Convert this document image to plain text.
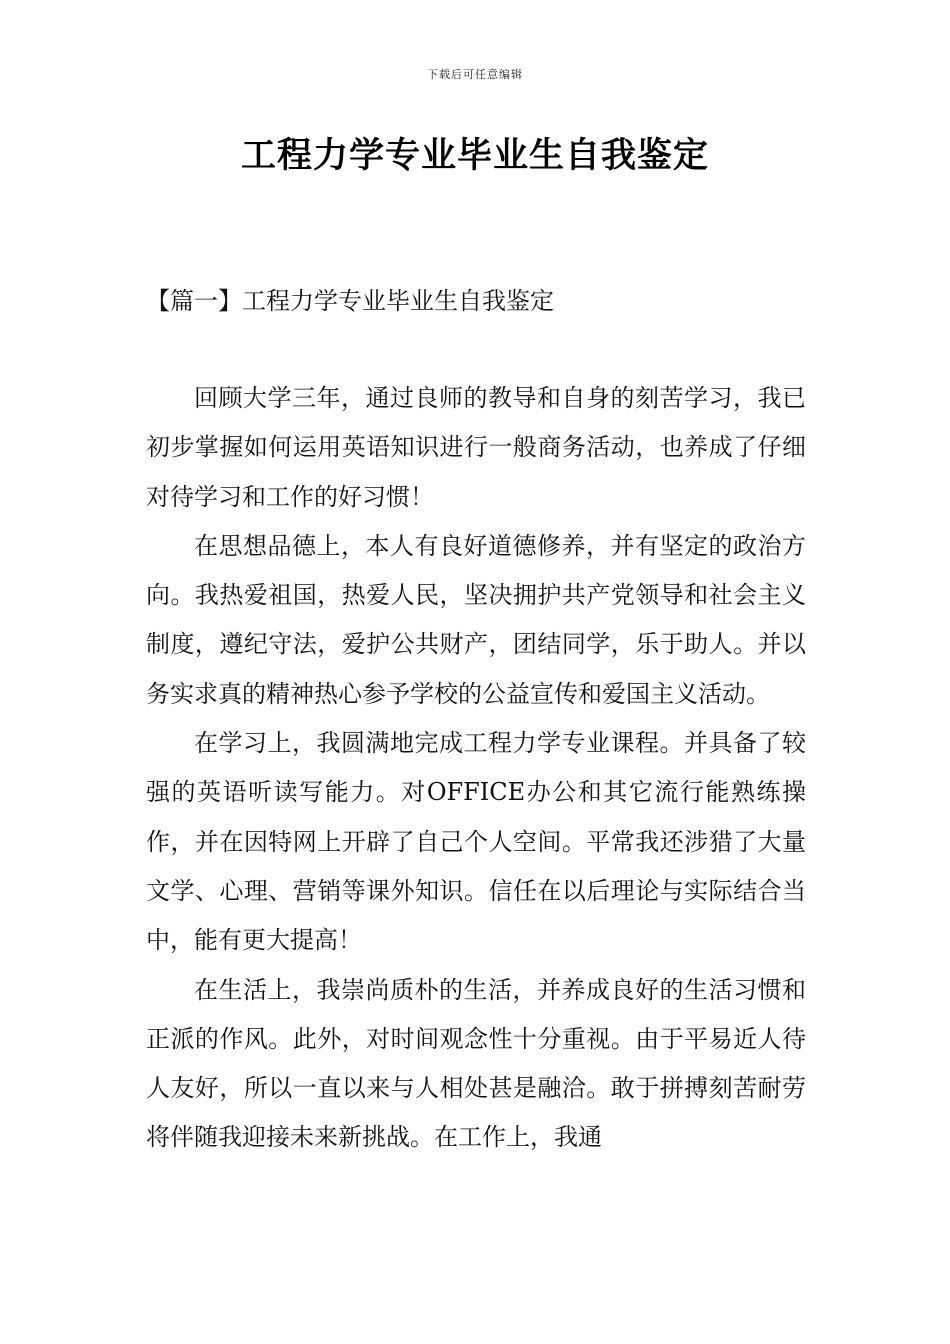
下载后可任意编辑
工程力学专业毕业生自我鉴定
【篇一】工程力学专业毕业生自我鉴定

回顾大学三年，通过良师的教导和自身的刻苦学习，我已初步掌握如何运用英语知识进行一般商务活动，也养成了仔细对待学习和工作的好习惯！

在思想品德上，本人有良好道德修养，并有坚定的政治方向。我热爱祖国，热爱人民，坚决拥护共产党领导和社会主义制度，遵纪守法，爱护公共财产，团结同学，乐于助人。并以务实求真的精神热心参予学校的公益宣传和爱国主义活动。

在学习上，我圆满地完成工程力学专业课程。并具备了较强的英语听读写能力。对OFFICE办公和其它流行能熟练操作，并在因特网上开辟了自己个人空间。平常我还涉猎了大量文学、心理、营销等课外知识。信任在以后理论与实际结合当中，能有更大提高！

在生活上，我崇尚质朴的生活，并养成良好的生活习惯和正派的作风。此外，对时间观念性十分重视。由于平易近人待人友好，所以一直以来与人相处甚是融洽。敢于拼搏刻苦耐劳将伴随我迎接未来新挑战。在工作上，我通
